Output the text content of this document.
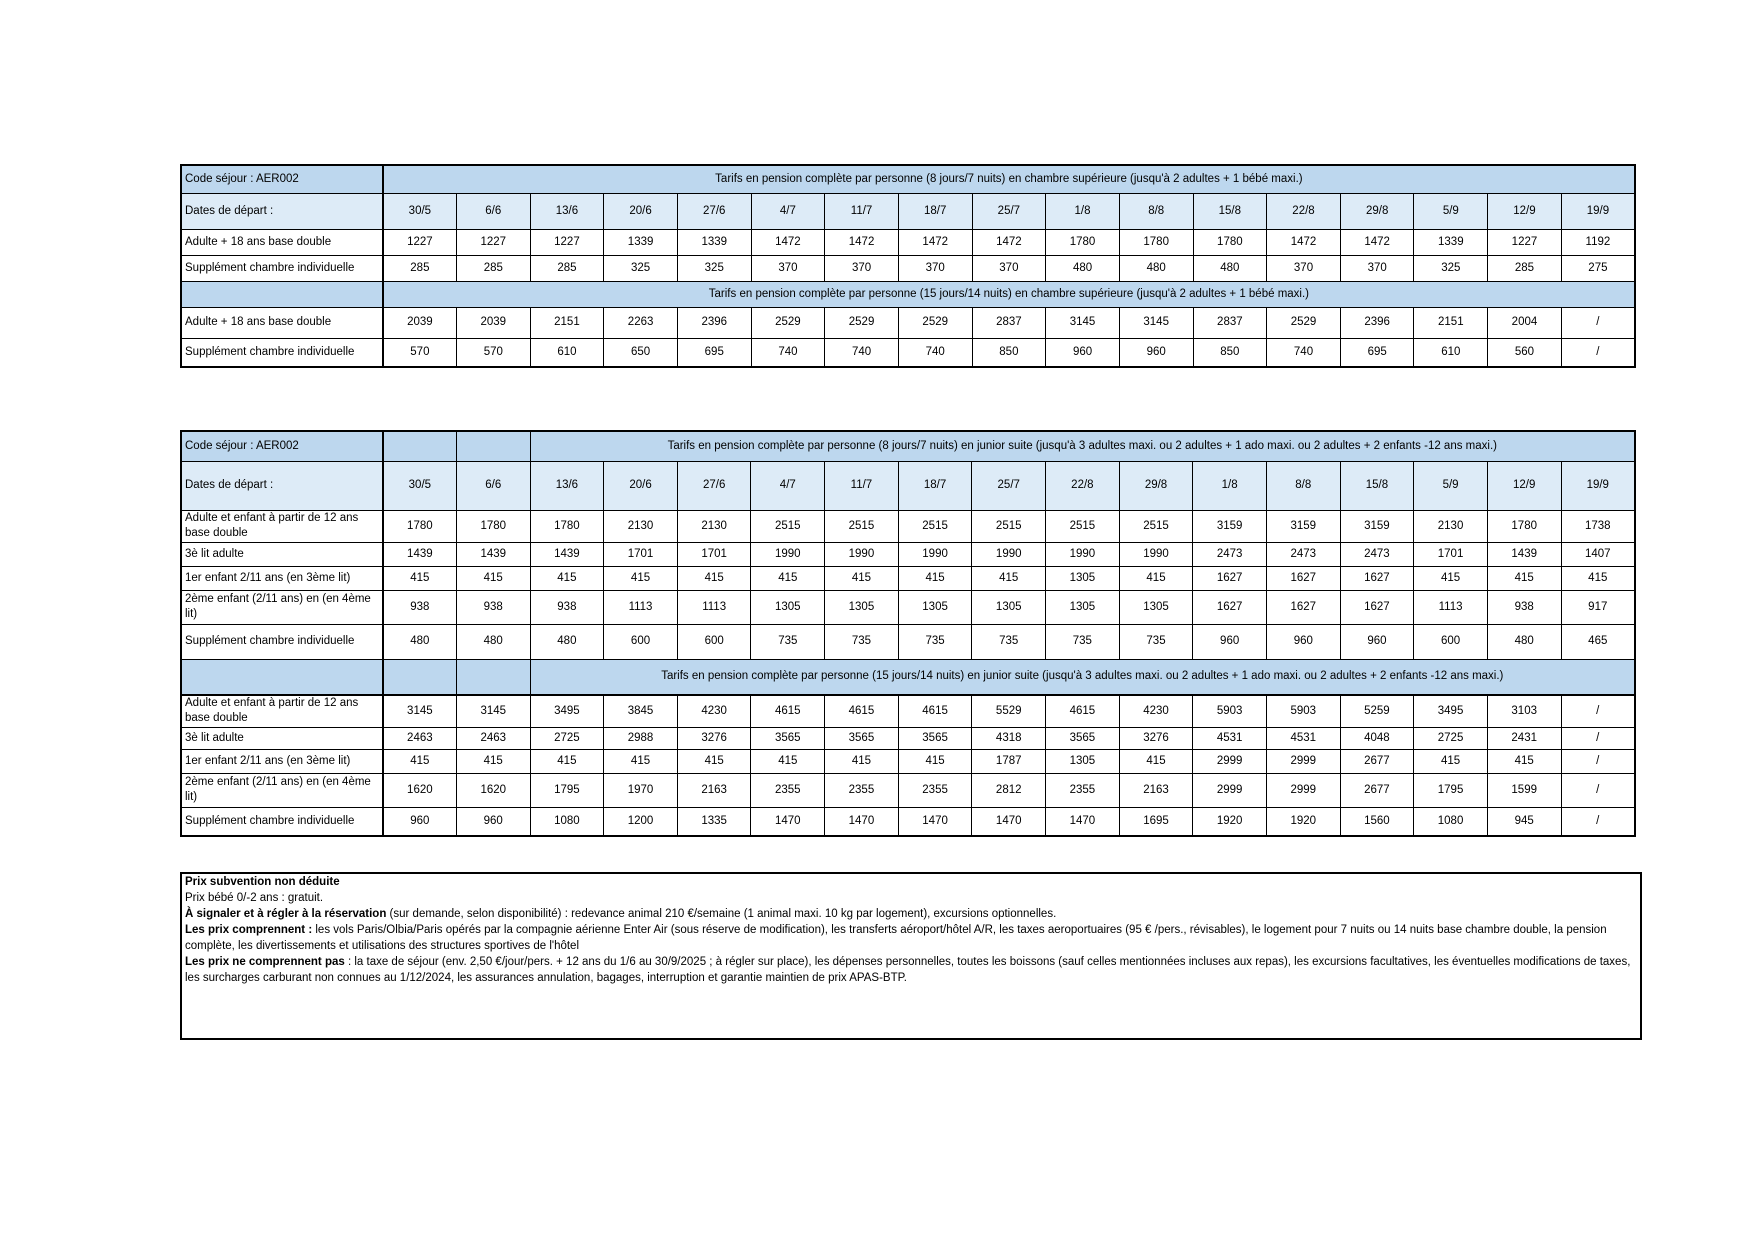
Code séjour : AER002	Tarifs en pension complète par personne (8 jours/7 nuits) en chambre supérieure (jusqu'à 2 adultes + 1 bébé maxi.)																
Dates de départ :	30/5	6/6	13/6	20/6	27/6	4/7	11/7	18/7	25/7	1/8	8/8	15/8	22/8	29/8	5/9	12/9	19/9
Adulte + 18 ans base double	1227	1227	1227	1339	1339	1472	1472	1472	1472	1780	1780	1780	1472	1472	1339	1227	1192
Supplément chambre individuelle	285	285	285	325	325	370	370	370	370	480	480	480	370	370	325	285	275
	Tarifs en pension complète par personne (15 jours/14 nuits) en chambre supérieure (jusqu'à 2 adultes + 1 bébé maxi.)																
Adulte + 18 ans base double	2039	2039	2151	2263	2396	2529	2529	2529	2837	3145	3145	2837	2529	2396	2151	2004	/
Supplément chambre individuelle	570	570	610	650	695	740	740	740	850	960	960	850	740	695	610	560	/
Code séjour : AER002			Tarifs en pension complète par personne (8 jours/7 nuits) en junior suite (jusqu'à 3 adultes maxi. ou 2 adultes + 1 ado maxi. ou 2 adultes + 2 enfants -12 ans maxi.)														
Dates de départ :	30/5	6/6	13/6	20/6	27/6	4/7	11/7	18/7	25/7	22/8	29/8	1/8	8/8	15/8	5/9	12/9	19/9
Adulte et enfant à partir de 12 ans base double	1780	1780	1780	2130	2130	2515	2515	2515	2515	2515	2515	3159	3159	3159	2130	1780	1738
3è lit adulte	1439	1439	1439	1701	1701	1990	1990	1990	1990	1990	1990	2473	2473	2473	1701	1439	1407
1er enfant 2/11 ans (en 3ème lit)	415	415	415	415	415	415	415	415	415	1305	415	1627	1627	1627	415	415	415
2ème enfant (2/11 ans) en (en 4ème lit)	938	938	938	1113	1113	1305	1305	1305	1305	1305	1305	1627	1627	1627	1113	938	917
Supplément chambre individuelle	480	480	480	600	600	735	735	735	735	735	735	960	960	960	600	480	465
			Tarifs en pension complète par personne (15 jours/14 nuits) en junior suite (jusqu'à 3 adultes maxi. ou 2 adultes + 1 ado maxi. ou 2 adultes + 2 enfants -12 ans maxi.)														
Adulte et enfant à partir de 12 ans base double	3145	3145	3495	3845	4230	4615	4615	4615	5529	4615	4230	5903	5903	5259	3495	3103	/
3è lit adulte	2463	2463	2725	2988	3276	3565	3565	3565	4318	3565	3276	4531	4531	4048	2725	2431	/
1er enfant 2/11 ans (en 3ème lit)	415	415	415	415	415	415	415	415	1787	1305	415	2999	2999	2677	415	415	/
2ème enfant (2/11 ans) en (en 4ème lit)	1620	1620	1795	1970	2163	2355	2355	2355	2812	2355	2163	2999	2999	2677	1795	1599	/
Supplément chambre individuelle	960	960	1080	1200	1335	1470	1470	1470	1470	1470	1695	1920	1920	1560	1080	945	/

Prix subvention non déduite

Prix bébé 0/-2 ans : gratuit.

À signaler et à régler à la réservation (sur demande, selon disponibilité) : redevance animal 210 €/semaine (1 animal maxi. 10 kg par logement), excursions optionnelles.

Les prix comprennent : les vols Paris/Olbia/Paris opérés par la compagnie aérienne Enter Air (sous réserve de modification), les transferts aéroport/hôtel A/R, les taxes aeroportuaires (95 € /pers., révisables), le logement pour 7 nuits ou 14 nuits base chambre double, la pension complète, les divertissements et utilisations des structures sportives de l'hôtel

Les prix ne comprennent pas : la taxe de séjour (env. 2,50 €/jour/pers. + 12 ans du 1/6 au 30/9/2025 ; à régler sur place), les dépenses personnelles, toutes les boissons (sauf celles mentionnées incluses aux repas), les excursions facultatives, les éventuelles modifications de taxes, les surcharges carburant non connues au 1/12/2024, les assurances annulation, bagages, interruption et garantie maintien de prix APAS-BTP.
